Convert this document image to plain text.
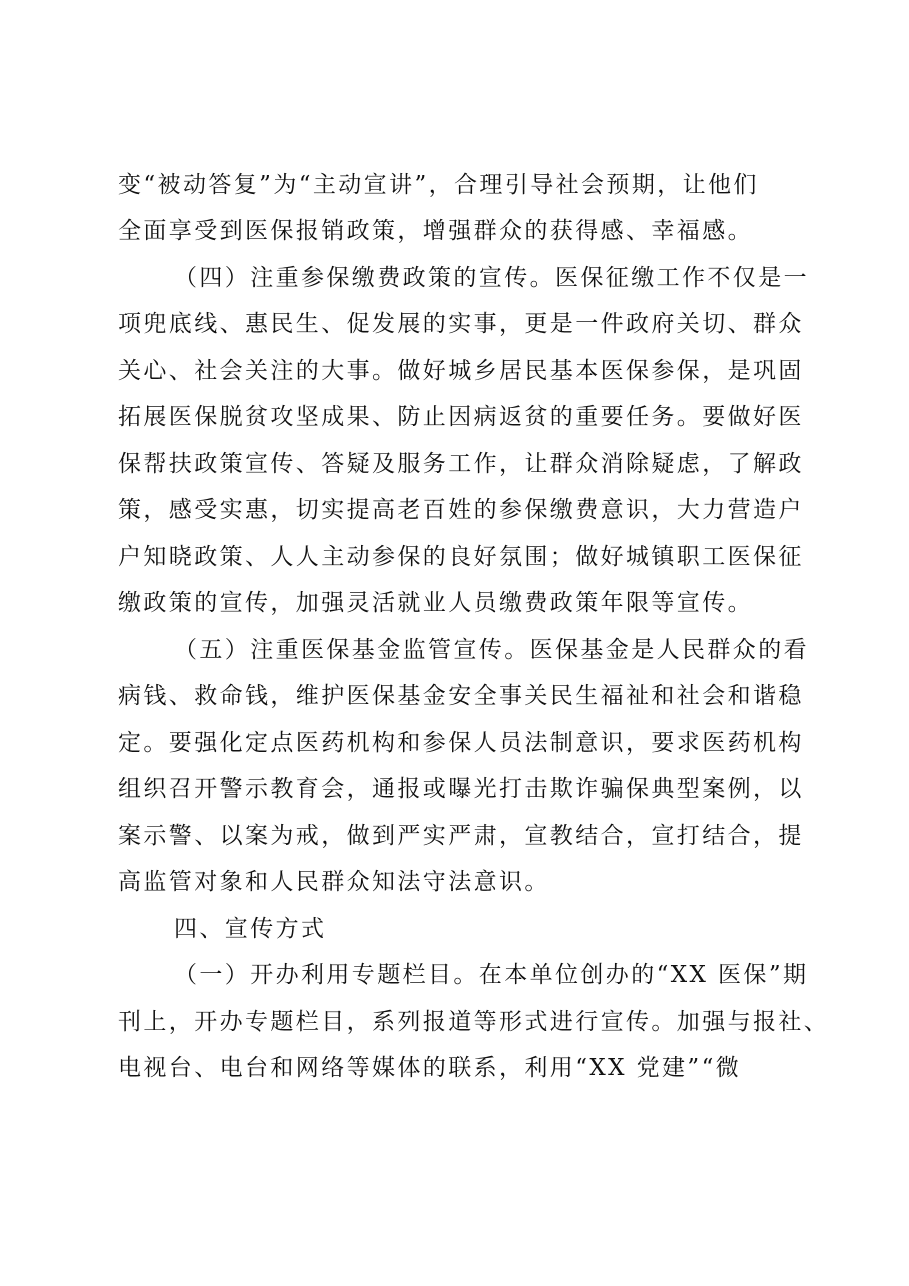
变“被动答复”为“主动宣讲”，合理引导社会预期，让他们
全面享受到医保报销政策，增强群众的获得感、幸福感。
（四）注重参保缴费政策的宣传。医保征缴工作不仅是一
项兜底线、惠民生、促发展的实事，更是一件政府关切、群众
关心、社会关注的大事。做好城乡居民基本医保参保，是巩固
拓展医保脱贫攻坚成果、防止因病返贫的重要任务。要做好医
保帮扶政策宣传、答疑及服务工作，让群众消除疑虑，了解政
策，感受实惠，切实提高老百姓的参保缴费意识，大力营造户
户知晓政策、人人主动参保的良好氛围；做好城镇职工医保征
缴政策的宣传，加强灵活就业人员缴费政策年限等宣传。
（五）注重医保基金监管宣传。医保基金是人民群众的看
病钱、救命钱，维护医保基金安全事关民生福祉和社会和谐稳
定。要强化定点医药机构和参保人员法制意识，要求医药机构
组织召开警示教育会，通报或曝光打击欺诈骗保典型案例，以
案示警、以案为戒，做到严实严肃，宣教结合，宣打结合，提
高监管对象和人民群众知法守法意识。
四、宣传方式
（一）开办利用专题栏目。在本单位创办的“XX 医保”期
刊上，开办专题栏目，系列报道等形式进行宣传。加强与报社、
电视台、电台和网络等媒体的联系，利用“XX 党建”“微
